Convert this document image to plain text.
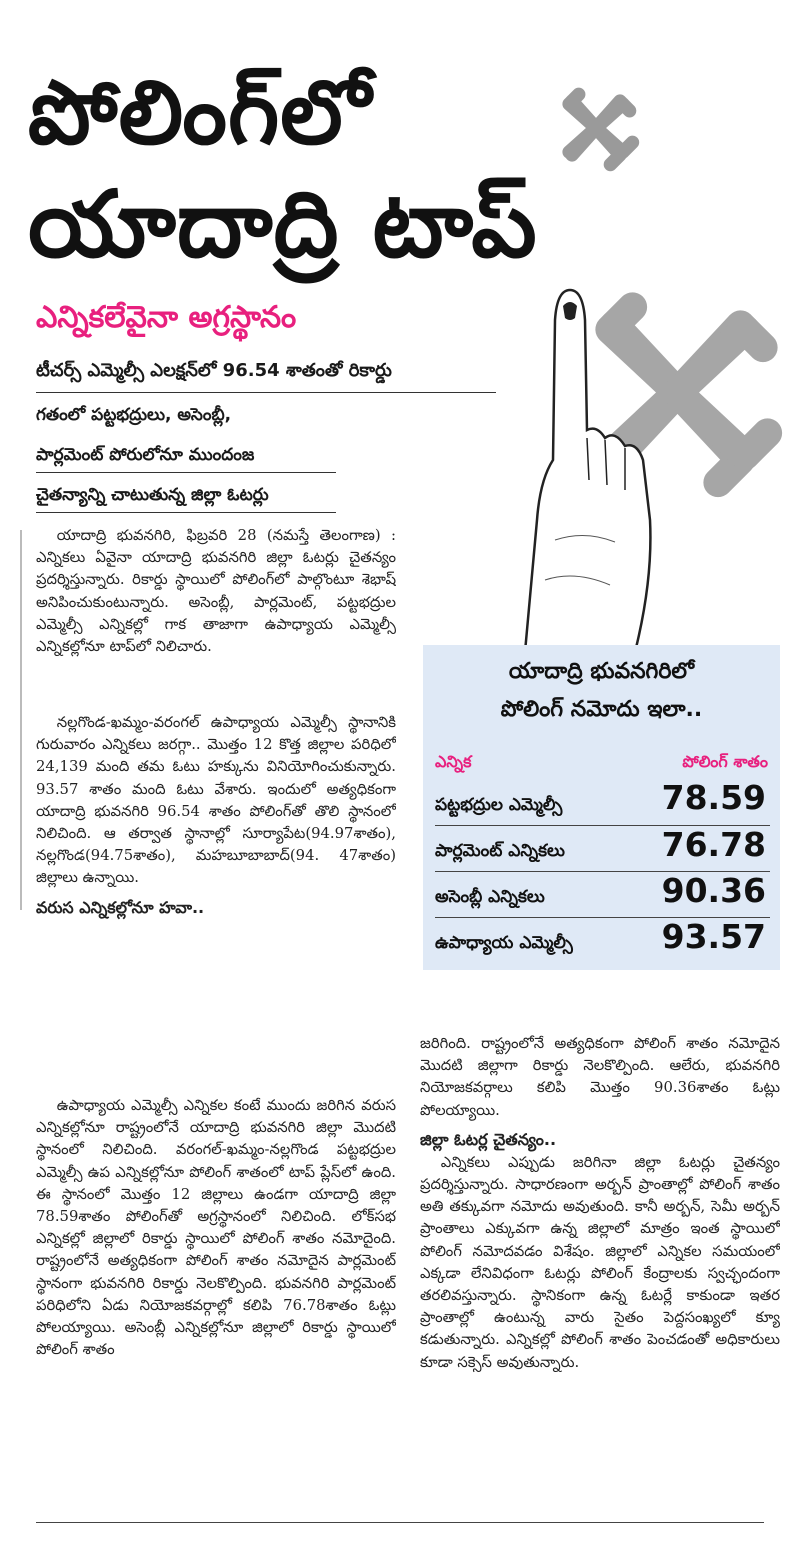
పోలింగ్‌లో
యాదాద్రి టాప్‌
ఎన్నికలేవైనా అగ్రస్థానం
టీచర్స్‌ ఎమ్మెల్సీ ఎలక్షన్‌లో 96.54 శాతంతో రికార్డు
గతంలో పట్టభద్రులు, అసెంబ్లీ,
పార్లమెంట్‌ పోరులోనూ ముందంజ
చైతన్యాన్ని చాటుతున్న జిల్లా ఓటర్లు

యాదాద్రి భువనగిరి, ఫిబ్రవరి 28 (నమస్తే తెలంగాణ) : ఎన్నికలు ఏవైనా యాదాద్రి భువనగిరి జిల్లా ఓటర్లు చైతన్యం ప్రదర్శిస్తున్నారు. రికార్డు స్థాయిలో పోలింగ్‌లో పాల్గొంటూ శెభాష్‌ అనిపించుకుంటున్నారు. అసెంబ్లీ, పార్లమెంట్‌, పట్టభద్రుల ఎమ్మెల్సీ ఎన్నికల్లో గాక తాజాగా ఉపాధ్యాయ ఎమ్మెల్సీ ఎన్నికల్లోనూ టాప్‌లో నిలిచారు.

నల్లగొండ-ఖమ్మం-వరంగల్‌ ఉపాధ్యాయ ఎమ్మెల్సీ స్థానానికి గురువారం ఎన్నికలు జరగ్గా.. మొత్తం 12 కొత్త జిల్లాల పరిధిలో 24,139 మంది తమ ఓటు హక్కును వినియోగించుకున్నారు. 93.57 శాతం మంది ఓటు వేశారు. ఇందులో అత్యధికంగా యాదాద్రి భువనగిరి 96.54 శాతం పోలింగ్‌తో తొలి స్థానంలో నిలిచింది. ఆ తర్వాత స్థానాల్లో సూర్యాపేట(94.97శాతం), నల్లగొండ(94.75శాతం), మహబూబాబాద్‌(94. 47శాతం) జిల్లాలు ఉన్నాయి.

వరుస ఎన్నికల్లోనూ హవా..

ఉపాధ్యాయ ఎమ్మెల్సీ ఎన్నికల కంటే ముందు జరిగిన వరుస ఎన్నికల్లోనూ రాష్ట్రంలోనే యాదాద్రి భువనగిరి జిల్లా మొదటి స్థానంలో నిలిచింది. వరంగల్‌-ఖమ్మం-నల్లగొండ పట్టభద్రుల ఎమ్మెల్సీ ఉప ఎన్నికల్లోనూ పోలింగ్‌ శాతంలో టాప్‌ ప్లేస్‌లో ఉంది. ఈ స్థానంలో మొత్తం 12 జిల్లాలు ఉండగా యాదాద్రి జిల్లా 78.59శాతం పోలింగ్‌తో అగ్రస్థానంలో నిలిచింది. లోక్‌సభ ఎన్నికల్లో జిల్లాలో రికార్డు స్థాయిలో పోలింగ్‌ శాతం నమోదైంది. రాష్ట్రంలోనే అత్యధికంగా పోలింగ్‌ శాతం నమోదైన పార్లమెంట్‌ స్థానంగా భువనగిరి రికార్డు నెలకొల్పింది. భువనగిరి పార్లమెంట్‌ పరిధిలోని ఏడు నియోజకవర్గాల్లో కలిపి 76.78శాతం ఓట్లు పోలయ్యాయి. అసెంబ్లీ ఎన్నికల్లోనూ జిల్లాలో రికార్డు స్థాయిలో పోలింగ్‌ శాతం

యాదాద్రి భువనగిరిలో
పోలింగ్‌ నమోదు ఇలా..
ఎన్నిక	పోలింగ్‌ శాతం
పట్టభద్రుల ఎమ్మెల్సీ	78.59
పార్లమెంట్‌ ఎన్నికలు	76.78
అసెంబ్లీ ఎన్నికలు	90.36
ఉపాధ్యాయ ఎమ్మెల్సీ	93.57

జరిగింది. రాష్ట్రంలోనే అత్యధికంగా పోలింగ్‌ శాతం నమోదైన మొదటి జిల్లాగా రికార్డు నెలకొల్పింది. ఆలేరు, భువనగిరి నియోజకవర్గాలు కలిపి మొత్తం 90.36శాతం ఓట్లు పోలయ్యాయి.

జిల్లా ఓటర్ల చైతన్యం..

ఎన్నికలు ఎప్పుడు జరిగినా జిల్లా ఓటర్లు చైతన్యం ప్రదర్శిస్తున్నారు. సాధారణంగా అర్బన్‌ ప్రాంతాల్లో పోలింగ్‌ శాతం అతి తక్కువగా నమోదు అవుతుంది. కానీ అర్బన్‌, సెమీ అర్బన్‌ ప్రాంతాలు ఎక్కువగా ఉన్న జిల్లాలో మాత్రం ఇంత స్థాయిలో పోలింగ్‌ నమోదవడం విశేషం. జిల్లాలో ఎన్నికల సమయంలో ఎక్కడా లేనివిధంగా ఓటర్లు పోలింగ్‌ కేంద్రాలకు స్వచ్ఛందంగా తరలివస్తున్నారు. స్థానికంగా ఉన్న ఓటర్లే కాకుండా ఇతర ప్రాంతాల్లో ఉంటున్న వారు సైతం పెద్దసంఖ్యలో క్యూ కడుతున్నారు. ఎన్నికల్లో పోలింగ్‌ శాతం పెంచడంతో అధికారులు కూడా సక్సెస్‌ అవుతున్నారు.
